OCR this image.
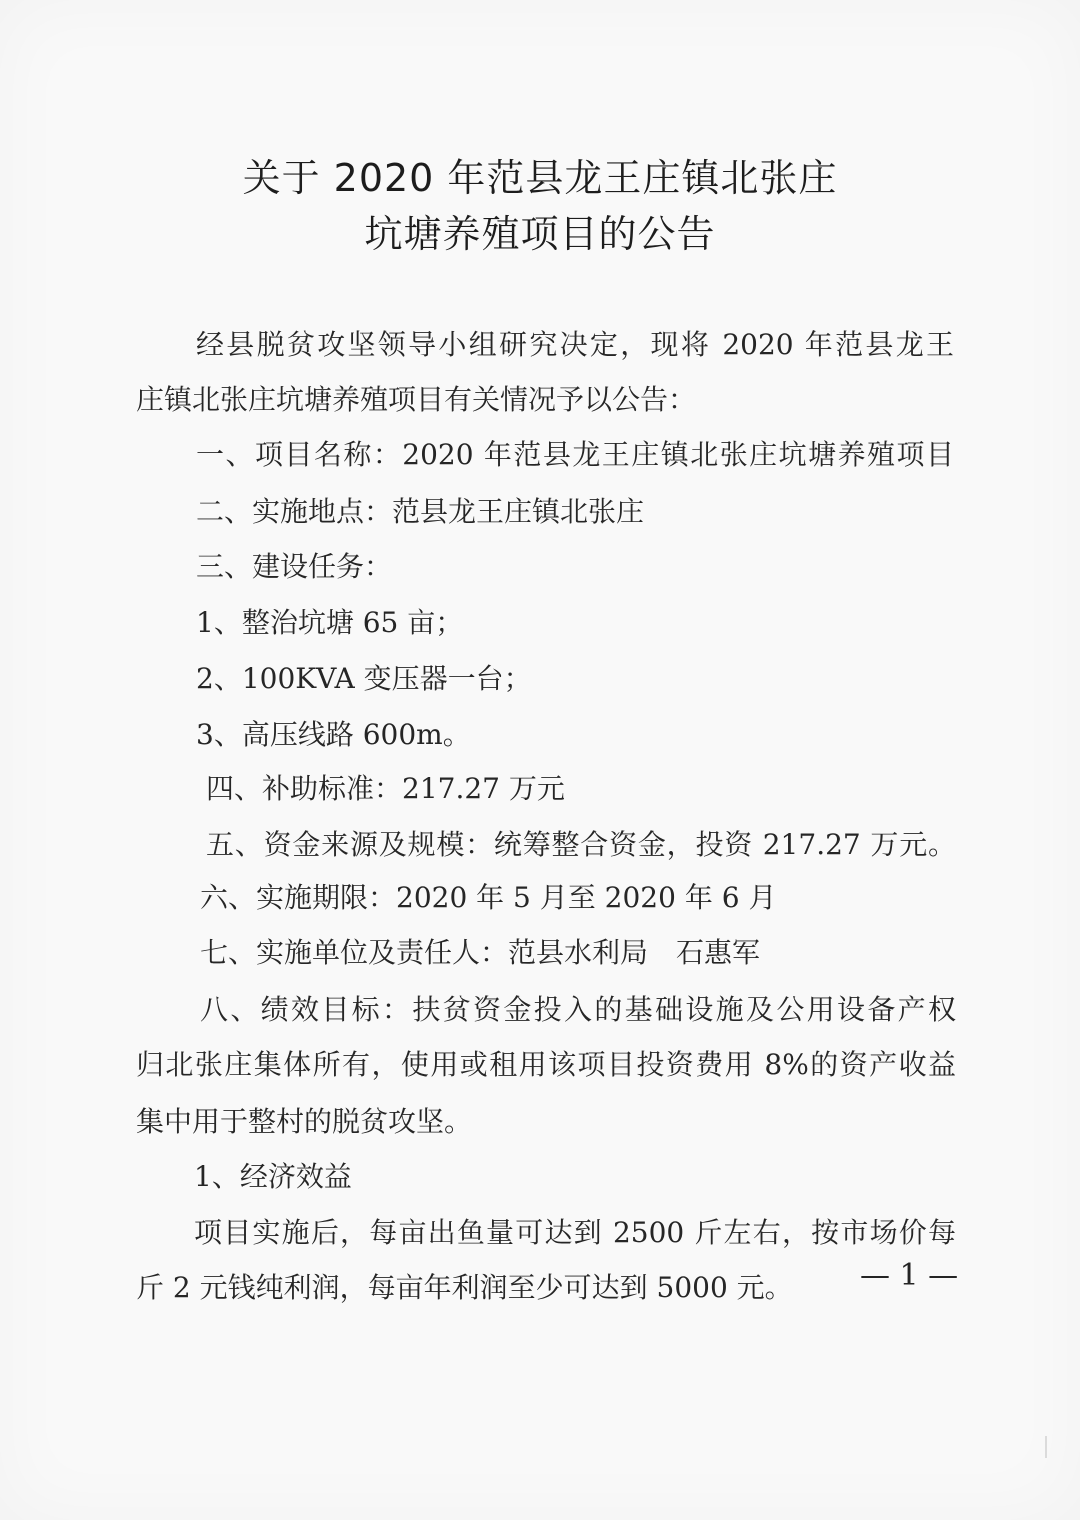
关于 2020 年范县龙王庄镇北张庄
坑塘养殖项目的公告
经县脱贫攻坚领导小组研究决定，现将 2020 年范县龙王
庄镇北张庄坑塘养殖项目有关情况予以公告：
一、项目名称：2020 年范县龙王庄镇北张庄坑塘养殖项目
二、实施地点：范县龙王庄镇北张庄
三、建设任务：
1、整治坑塘 65 亩；
2、100KVA 变压器一台；
3、高压线路 600m。
四、补助标准：217.27 万元
五、资金来源及规模：统筹整合资金，投资 217.27 万元。
六、实施期限：2020 年 5 月至 2020 年 6 月
七、实施单位及责任人：范县水利局　石惠军
八、绩效目标：扶贫资金投入的基础设施及公用设备产权
归北张庄集体所有，使用或租用该项目投资费用 8%的资产收益
集中用于整村的脱贫攻坚。
1、经济效益
项目实施后，每亩出鱼量可达到 2500 斤左右，按市场价每
斤 2 元钱纯利润，每亩年利润至少可达到 5000 元。 — 1 —
